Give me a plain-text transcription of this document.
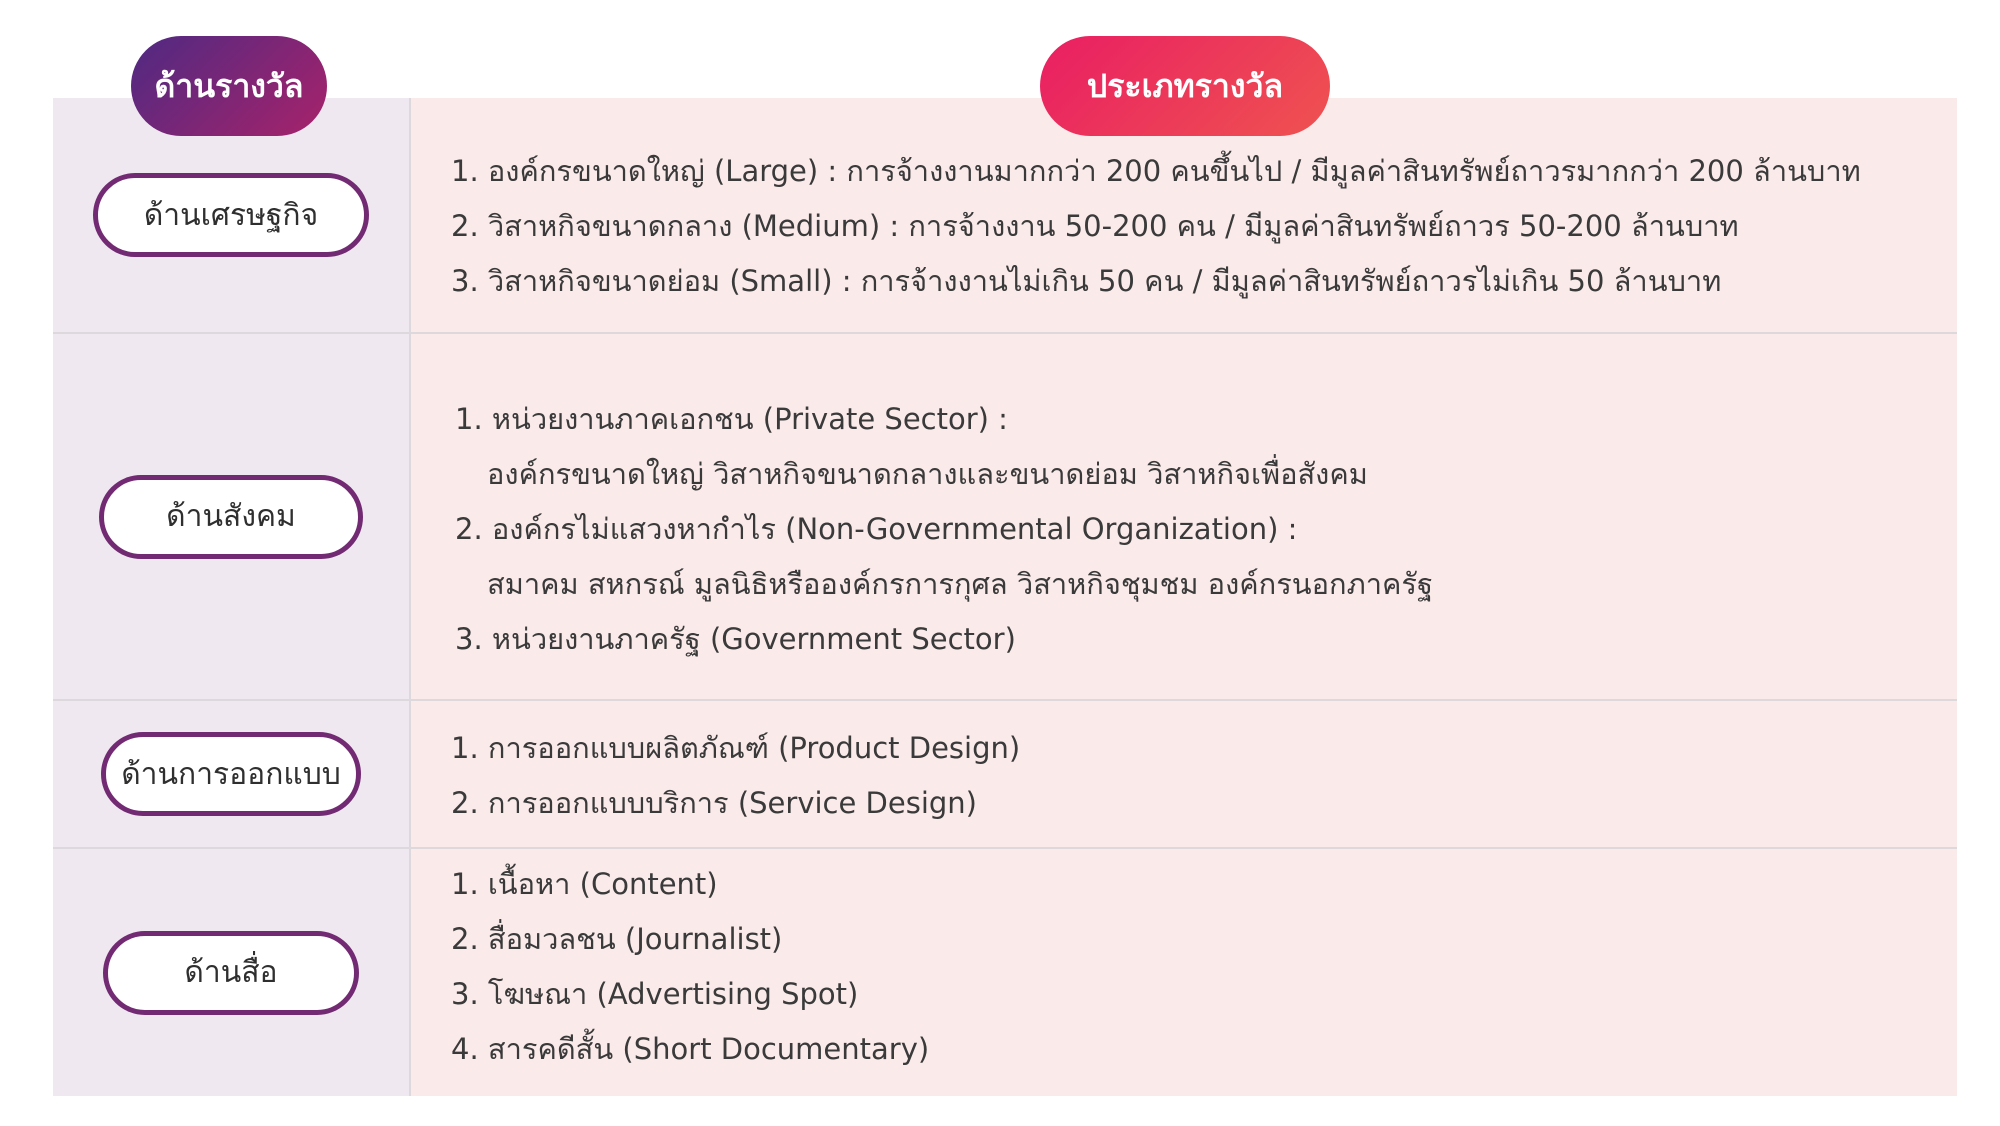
ด้านเศรษฐกิจ
1. องค์กรขนาดใหญ่ (Large) : การจ้างงานมากกว่า 200 คนขึ้นไป / มีมูลค่าสินทรัพย์ถาวรมากกว่า 200 ล้านบาท
2. วิสาหกิจขนาดกลาง (Medium) : การจ้างงาน 50-200 คน / มีมูลค่าสินทรัพย์ถาวร 50-200 ล้านบาท
3. วิสาหกิจขนาดย่อม (Small) : การจ้างงานไม่เกิน 50 คน / มีมูลค่าสินทรัพย์ถาวรไม่เกิน 50 ล้านบาท
ด้านสังคม
1. หน่วยงานภาคเอกชน (Private Sector) :
องค์กรขนาดใหญ่ วิสาหกิจขนาดกลางและขนาดย่อม วิสาหกิจเพื่อสังคม
2. องค์กรไม่แสวงหากำไร (Non-Governmental Organization) :
สมาคม สหกรณ์ มูลนิธิหรือองค์กรการกุศล วิสาหกิจชุมชม องค์กรนอกภาครัฐ
3. หน่วยงานภาครัฐ (Government Sector)
ด้านการออกแบบ
1. การออกแบบผลิตภัณฑ์ (Product Design)
2. การออกแบบบริการ (Service Design)
ด้านสื่อ
1. เนื้อหา (Content)
2. สื่อมวลชน (Journalist)
3. โฆษณา (Advertising Spot)
4. สารคดีสั้น (Short Documentary)
ด้านรางวัล	ประเภทรางวัล
